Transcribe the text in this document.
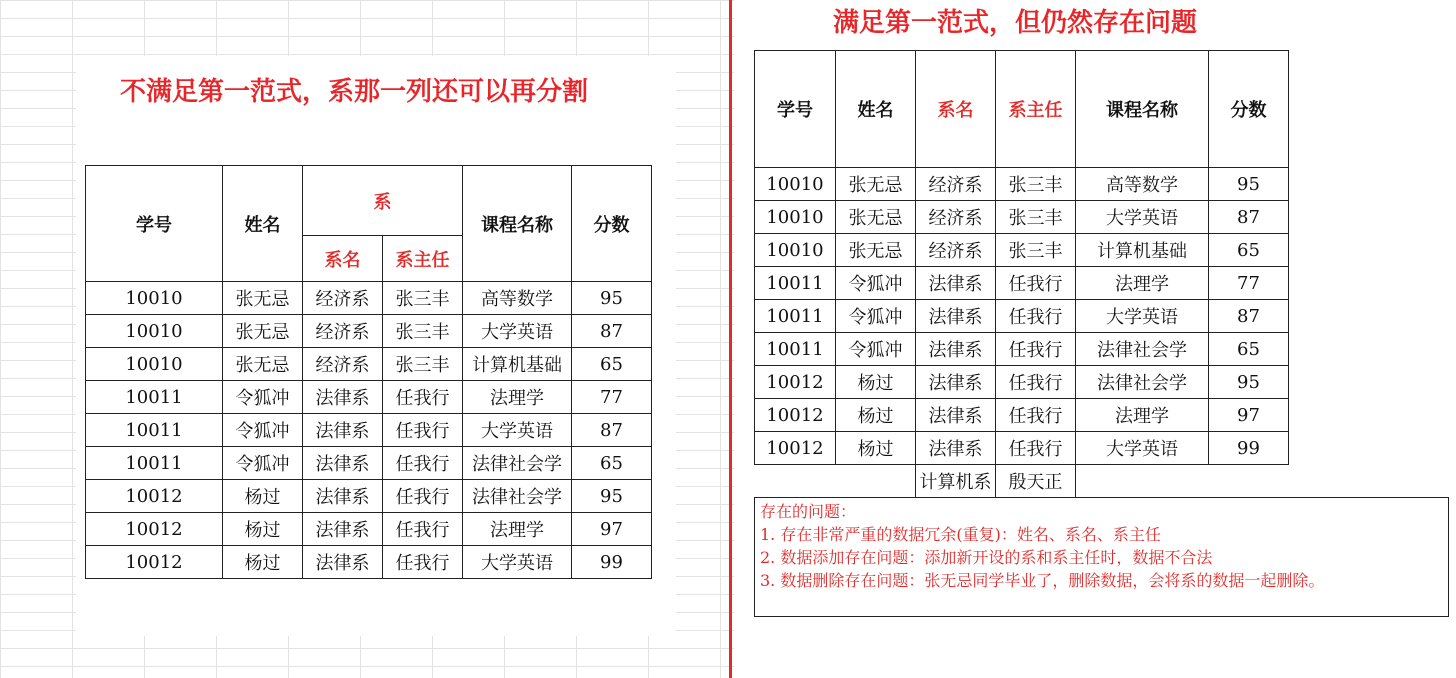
不满足第一范式，系那一列还可以再分割
满足第一范式，但仍然存在问题
学号	姓名	系		课程名称	分数
		系名	系主任		
10010	张无忌	经济系	张三丰	高等数学	95
10010	张无忌	经济系	张三丰	大学英语	87
10010	张无忌	经济系	张三丰	计算机基础	65
10011	令狐冲	法律系	任我行	法理学	77
10011	令狐冲	法律系	任我行	大学英语	87
10011	令狐冲	法律系	任我行	法律社会学	65
10012	杨过	法律系	任我行	法律社会学	95
10012	杨过	法律系	任我行	法理学	97
10012	杨过	法律系	任我行	大学英语	99
学号	姓名	系名	系主任	课程名称	分数
10010	张无忌	经济系	张三丰	高等数学	95
10010	张无忌	经济系	张三丰	大学英语	87
10010	张无忌	经济系	张三丰	计算机基础	65
10011	令狐冲	法律系	任我行	法理学	77
10011	令狐冲	法律系	任我行	大学英语	87
10011	令狐冲	法律系	任我行	法律社会学	65
10012	杨过	法律系	任我行	法律社会学	95
10012	杨过	法律系	任我行	法理学	97
10012	杨过	法律系	任我行	大学英语	99
		计算机系	殷天正		
存在的问题：
1. 存在非常严重的数据冗余(重复)：姓名、系名、系主任
2. 数据添加存在问题：添加新开设的系和系主任时，数据不合法
3. 数据删除存在问题：张无忌同学毕业了，删除数据，会将系的数据一起删除。
